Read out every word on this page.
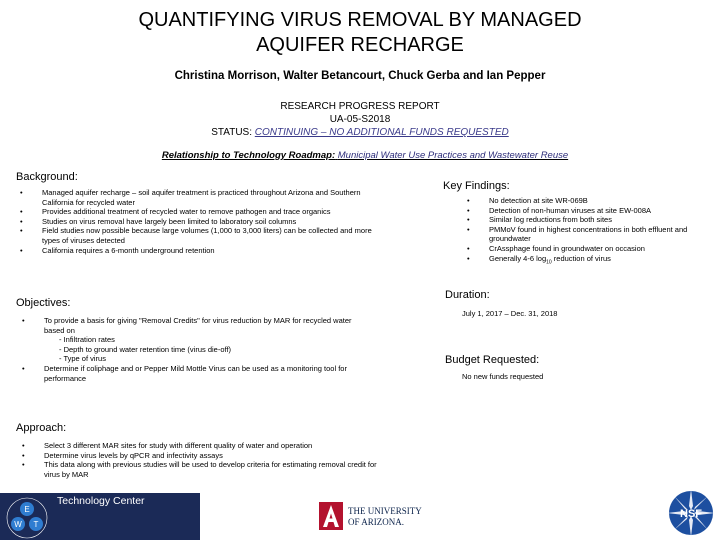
QUANTIFYING VIRUS REMOVAL BY MANAGED
AQUIFER RECHARGE
Christina Morrison, Walter Betancourt, Chuck Gerba and Ian Pepper
RESEARCH PROGRESS REPORT
UA-05-S2018
STATUS: CONTINUING – NO ADDITIONAL FUNDS REQUESTED
Relationship to Technology Roadmap: Municipal Water Use Practices and Wastewater Reuse
Background:
• Managed aquifer recharge – soil aquifer treatment is practiced throughout Arizona and Southern California for recycled water
• Provides additional treatment of recycled water to remove pathogen and trace organics
• Studies on virus removal have largely been limited to laboratory soil columns
• Field studies now possible because large volumes (1,000 to 3,000 liters) can be collected and more types of viruses detected
• California requires a 6-month underground retention
Objectives:
• To provide a basis for giving "Removal Credits" for virus reduction by MAR for recycled water based on
- Infiltration rates
- Depth to ground water retention time (virus die-off)
- Type of virus
• Determine if coliphage and or Pepper Mild Mottle Virus can be used as a monitoring tool for performance
Approach:
• Select 3 different MAR sites for study with different quality of water and operation
• Determine virus levels by qPCR and infectivity assays
• This data along with previous studies will be used to develop criteria for estimating removal credit for virus by MAR
Key Findings:
• No detection at site WR-069B
• Detection of non-human viruses at site EW-008A
• Similar log reductions from both sites
• PMMoV found in highest concentrations in both effluent and groundwater
• CrAssphage found in groundwater on occasion
• Generally 4-6 $\log_{10}$ reduction of virus
Duration:
July 1, 2017 – Dec. 31, 2018
Budget Requested:
No new funds requested
E
W T
Water & Environmental
Technology Center
THE UNIVERSITY
OF ARIZONA.
NSF
